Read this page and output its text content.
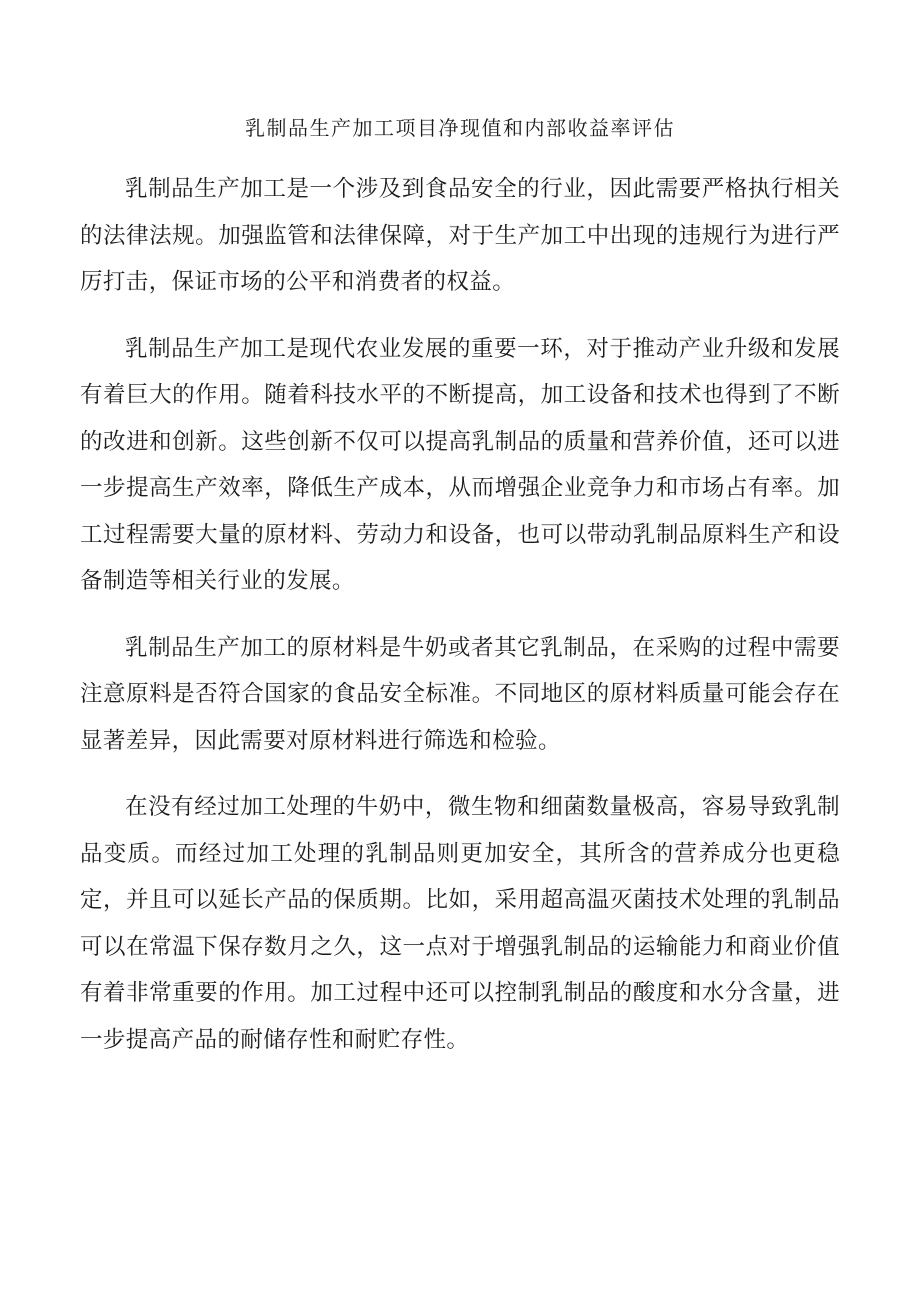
乳制品生产加工项目净现值和内部收益率评估

乳制品生产加工是一个涉及到食品安全的行业，因此需要严格执行相关的法律法规。加强监管和法律保障，对于生产加工中出现的违规行为进行严厉打击，保证市场的公平和消费者的权益。

乳制品生产加工是现代农业发展的重要一环，对于推动产业升级和发展有着巨大的作用。随着科技水平的不断提高，加工设备和技术也得到了不断的改进和创新。这些创新不仅可以提高乳制品的质量和营养价值，还可以进一步提高生产效率，降低生产成本，从而增强企业竞争力和市场占有率。加工过程需要大量的原材料、劳动力和设备，也可以带动乳制品原料生产和设备制造等相关行业的发展。

乳制品生产加工的原材料是牛奶或者其它乳制品，在采购的过程中需要注意原料是否符合国家的食品安全标准。不同地区的原材料质量可能会存在显著差异，因此需要对原材料进行筛选和检验。

在没有经过加工处理的牛奶中，微生物和细菌数量极高，容易导致乳制品变质。而经过加工处理的乳制品则更加安全，其所含的营养成分也更稳定，并且可以延长产品的保质期。比如，采用超高温灭菌技术处理的乳制品可以在常温下保存数月之久，这一点对于增强乳制品的运输能力和商业价值有着非常重要的作用。加工过程中还可以控制乳制品的酸度和水分含量，进一步提高产品的耐储存性和耐贮存性。
